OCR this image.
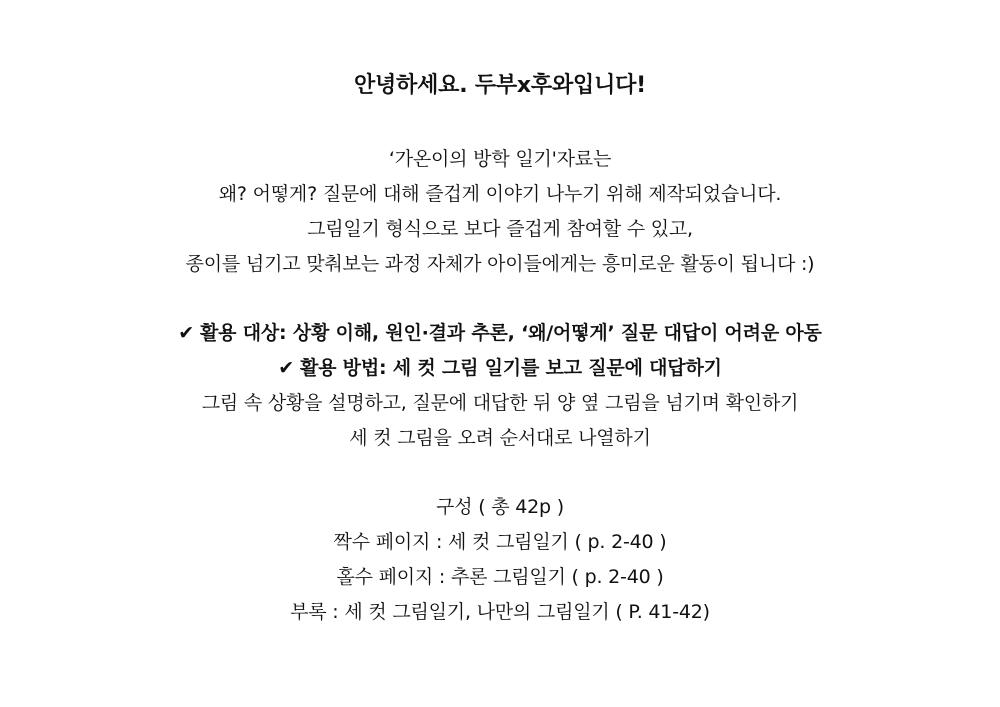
안녕하세요. 두부x후와입니다!
‘가온이의 방학 일기'자료는
왜? 어떻게? 질문에 대해 즐겁게 이야기 나누기 위해 제작되었습니다.
그림일기 형식으로 보다 즐겁게 참여할 수 있고,
종이를 넘기고 맞춰보는 과정 자체가 아이들에게는 흥미로운 활동이 됩니다 :)
✔ 활용 대상: 상황 이해, 원인·결과 추론, ‘왜/어떻게’ 질문 대답이 어려운 아동
✔ 활용 방법: 세 컷 그림 일기를 보고 질문에 대답하기
그림 속 상황을 설명하고, 질문에 대답한 뒤 양 옆 그림을 넘기며 확인하기
세 컷 그림을 오려 순서대로 나열하기
구성 ( 총 42p )
짝수 페이지 : 세 컷 그림일기 ( p. 2-40 )
홀수 페이지 : 추론 그림일기 ( p. 2-40 )
부록 : 세 컷 그림일기, 나만의 그림일기 ( P. 41-42)
